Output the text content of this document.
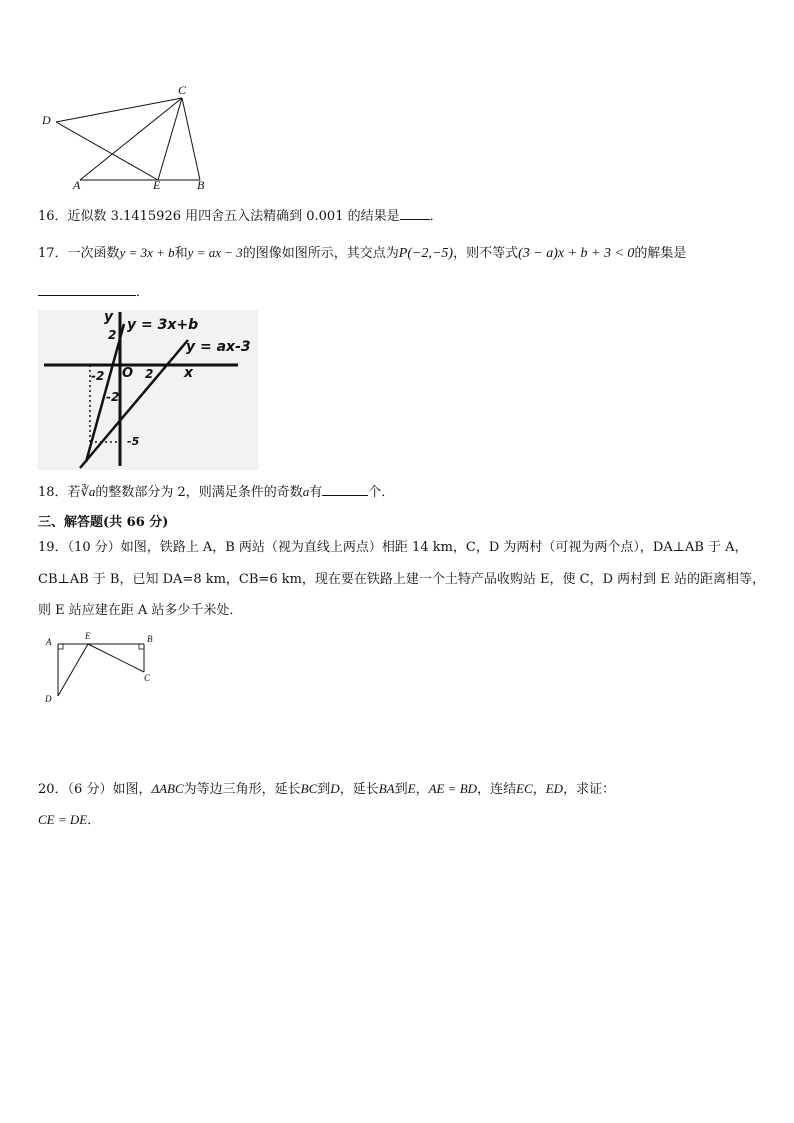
D
C
A	E	B
16．近似数 3.1415926 用四舍五入法精确到 0.001 的结果是 ．
17．一次函数y = 3x + b和y = ax − 3的图像如图所示，其交点为P(−2,−5)，则不等式(3 − a)x + b + 3 < 0的解集是
．
y
x
O
y = 3x+b
y = ax-3
2
-2	2
-2
-5
18．若∛a的整数部分为 2，则满足条件的奇数a有	个．
三、解答题(共 66 分)
19．（10 分）如图，铁路上 A，B 两站（视为直线上两点）相距 14 km，C，D 为两村（可视为两个点），DA⊥AB 于 A，
CB⊥AB 于 B，已知 DA=8 km，CB=6 km，现在要在铁路上建一个土特产品收购站 E，使 C，D 两村到 E 站的距离相等，
则 E 站应建在距 A 站多少千米处．
A
E	B
C
D
20．（6 分）如图，ΔABC为等边三角形，延长BC到D，延长BA到E，AE = BD，连结EC，ED，求证：
CE = DE．
